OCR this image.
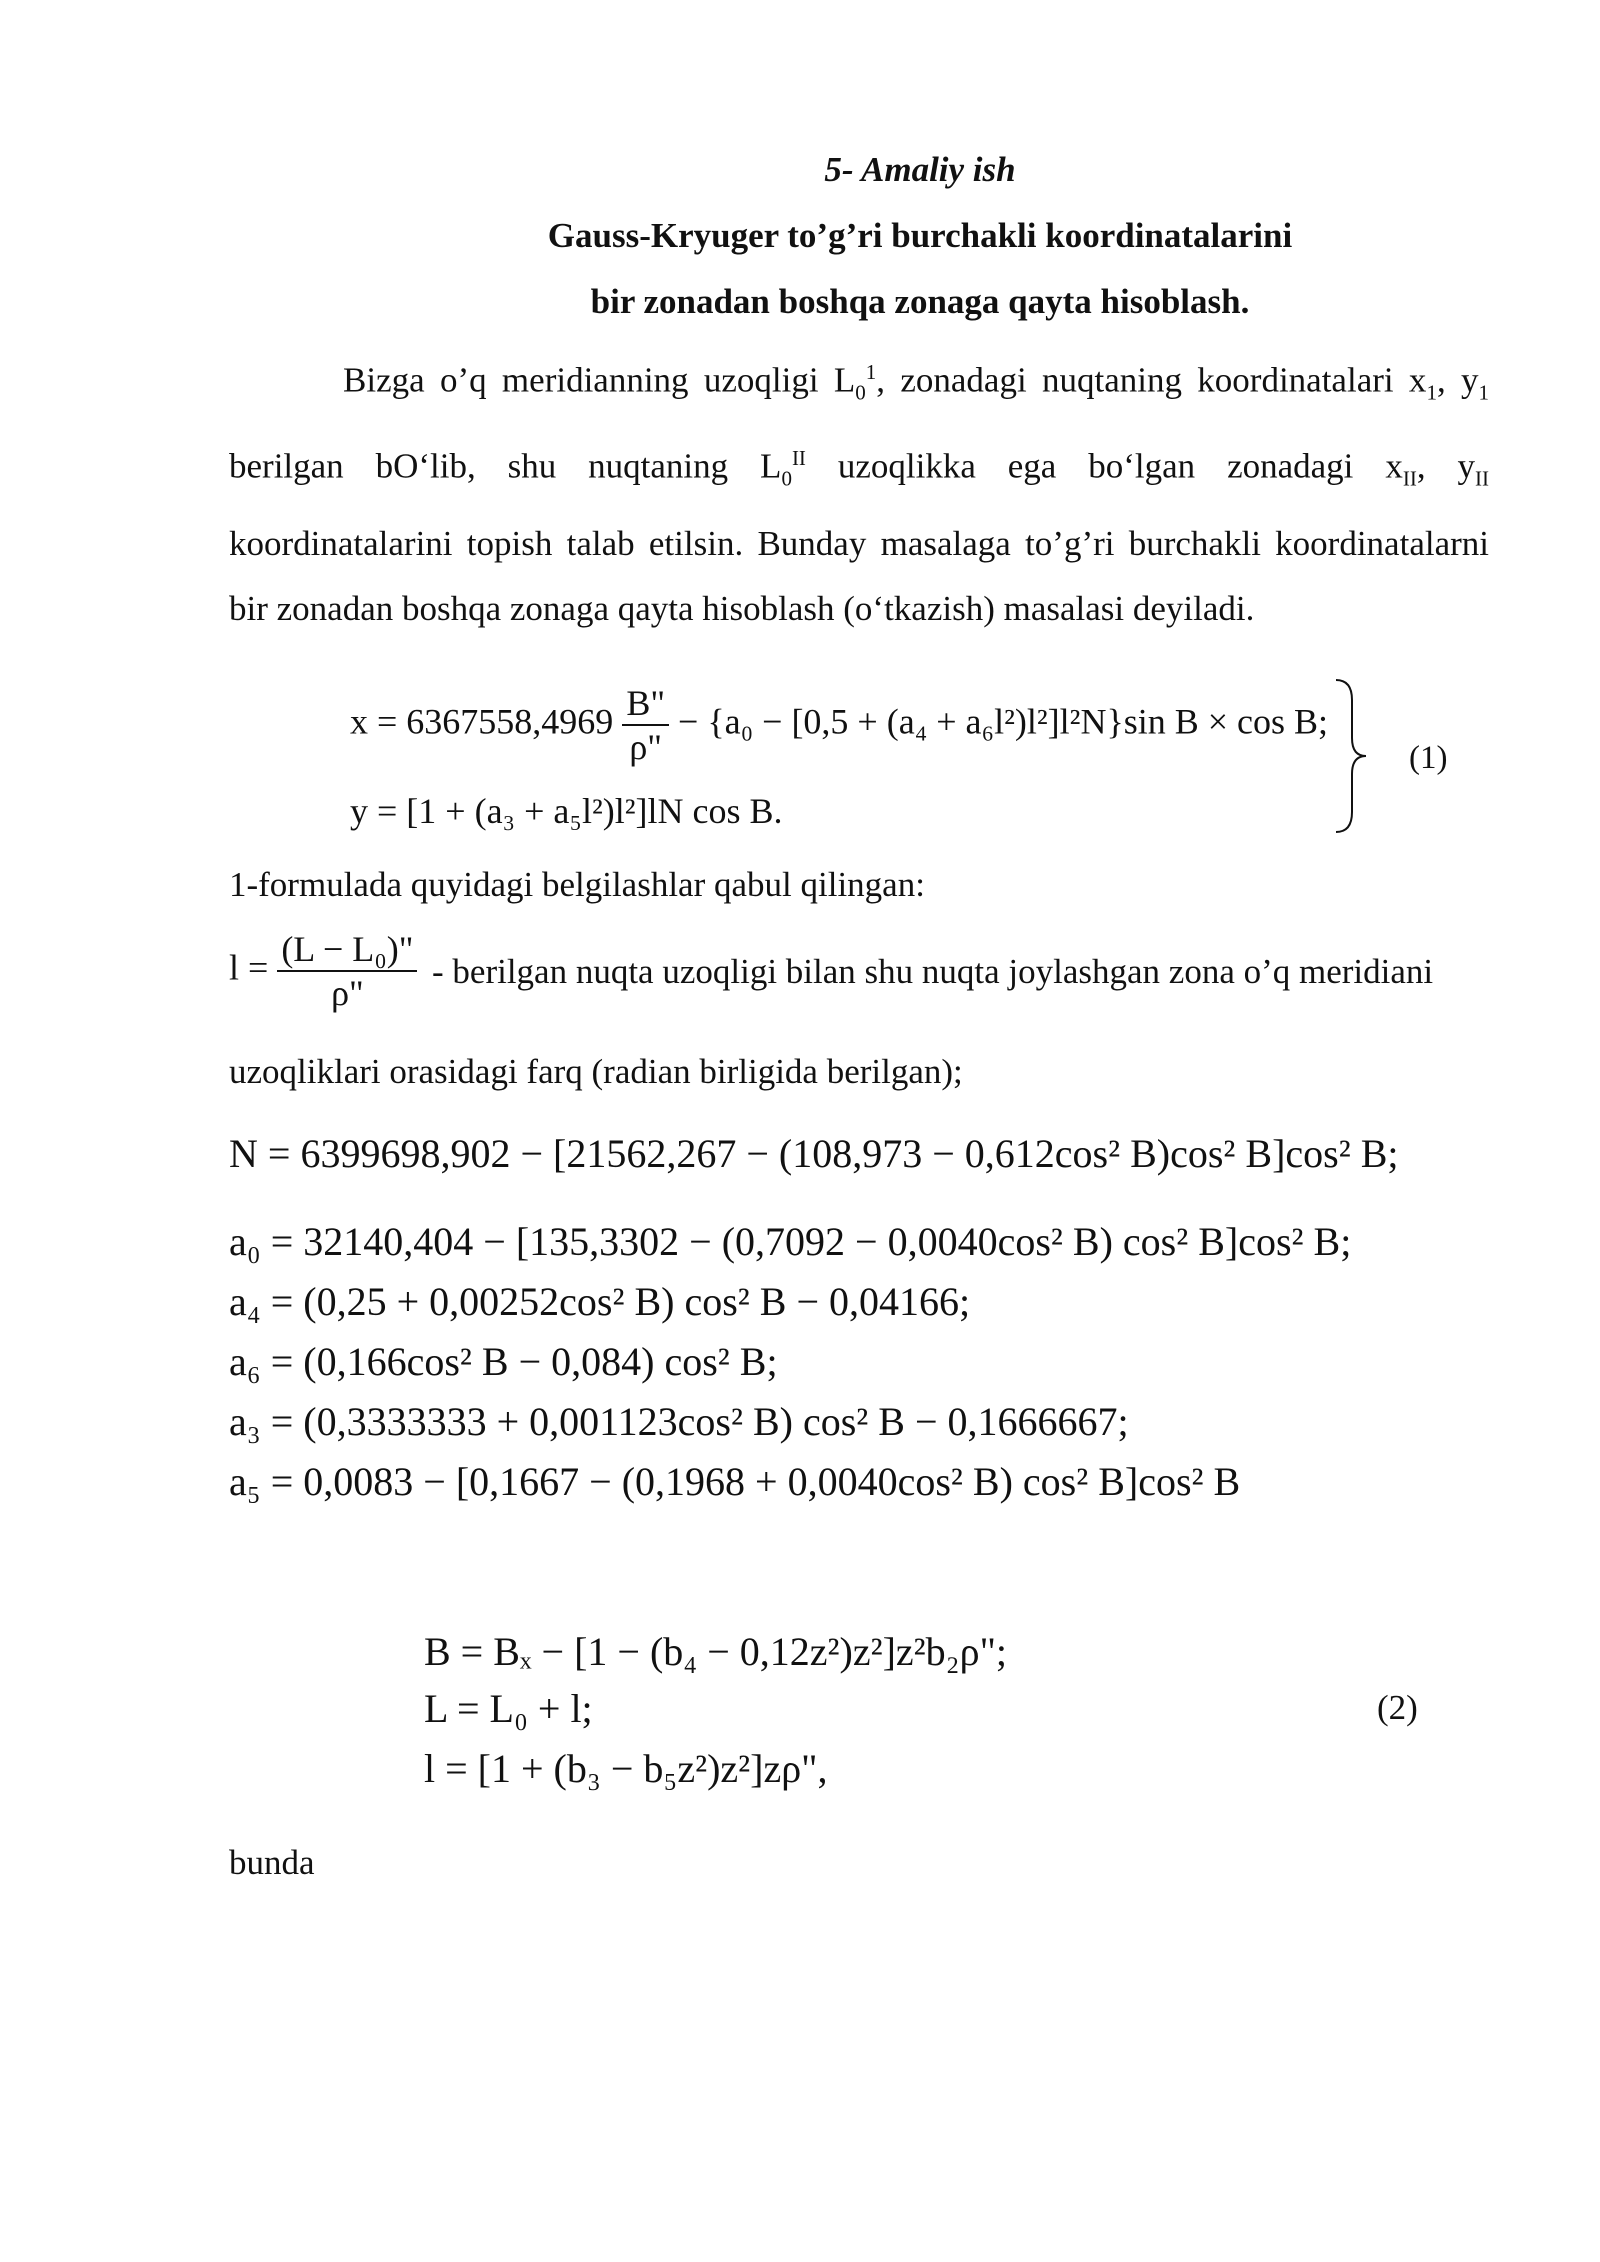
5- Amaliy ish
Gauss-Kryuger to’g’ri burchakli koordinatalarini
bir zonadan boshqa zonaga qayta hisoblash.
Bizga o’q meridianning uzoqligi $L_0^1$, zonadagi nuqtaning koordinatalari $x_1$, $y_1$ berilgan bO‘lib, shu nuqtaning $L_0^{II}$ uzoqlikka ega bo‘lgan zonadagi $x_{II}$, $y_{II}$ koordinatalarini topish talab etilsin. Bunday masalaga to’g’ri burchakli koordinatalarni bir zonadan boshqa zonaga qayta hisoblash (o‘tkazish) masalasi deyiladi.
$x = 6367558,4969 \frac{B"}{\rho"} - \{a_0 - [0,5 + (a_4 + a_6l^2)l^2]l^2N\}\sin$ B × cos B;
y = [1 + (a₃ + a₅l²)l²]lN cos B.
(1)
1-formulada quyidagi belgilashlar qabul qilingan:
$l = \frac{\text{(L − L₀)"}}{\rho"}$ - berilgan nuqta uzoqligi bilan shu nuqta joylashgan zona o’q meridiani
uzoqliklari orasidagi farq (radian birligida berilgan);
N = 6399698,902 − [21562,267 − (108,973 − 0,612cos² B)cos² B]cos² B;
a₀ = 32140,404 − [135,3302 − (0,7092 − 0,0040cos² B) cos² B]cos² B;
a₄ = (0,25 + 0,00252cos² B) cos² B − 0,04166;
a₆ = (0,166cos² B − 0,084) cos² B;
a₃ = (0,3333333 + 0,001123cos² B) cos² B − 0,1666667;
a₅ = 0,0083 − [0,1667 − (0,1968 + 0,0040cos² B) cos² B]cos² B
B = Bₓ − [1 − (b₄ − 0,12z²)z²]z²b₂ρ";
L = L₀ + l;
l = [1 + (b₃ − b₅z²)z²]zρ",
(2)
bunda
